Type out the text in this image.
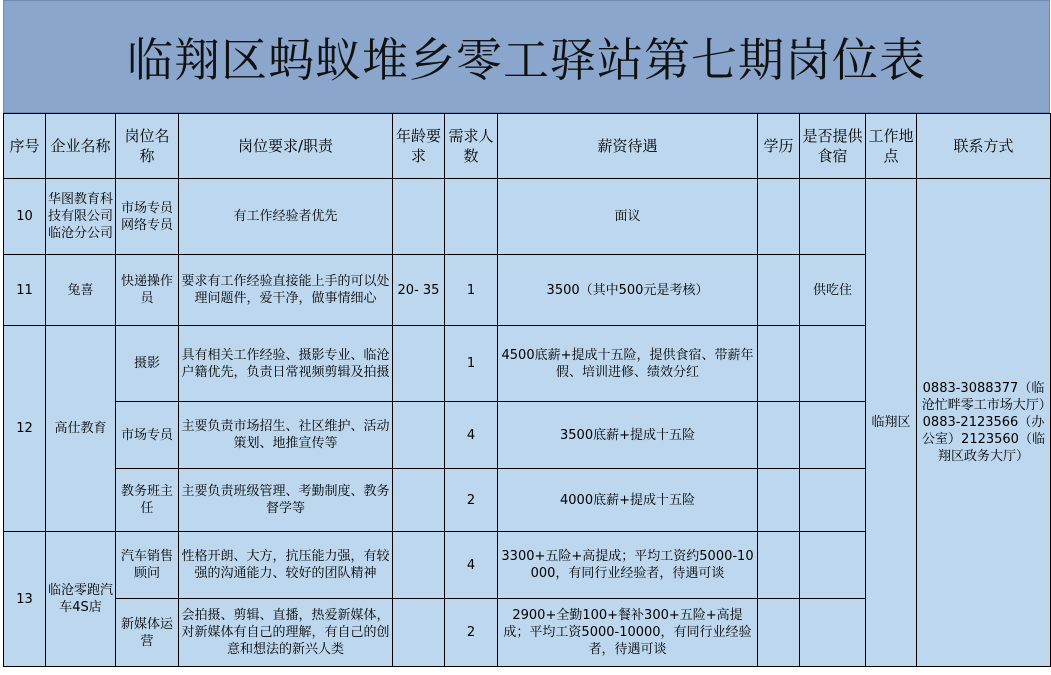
临翔区蚂蚁堆乡零工驿站第七期岗位表
序号	企业名称	岗位名称	岗位要求/职责	年龄要求	需求人数	薪资待遇	学历	是否提供食宿	工作地点	联系方式
10	华图教育科技有限公司临沧分公司	市场专员网络专员	有工作经验者优先			面议			临翔区	0883-3088377（临沧忙畔零工市场大厅）0883-2123566（办公室）2123560（临翔区政务大厅）
11	兔喜	快递操作员	要求有工作经验直接能上手的可以处理问题件，爱干净，做事情细心	20- 35	1	3500（其中500元是考核）		供吃住		
12	高仕教育	摄影	具有相关工作经验、摄影专业、临沧户籍优先，负责日常视频剪辑及拍摄		1	4500底薪+提成十五险，提供食宿、带薪年假、培训进修、绩效分红				
		市场专员	主要负责市场招生、社区维护、活动策划、地推宣传等		4	3500底薪+提成十五险				
		教务班主任	主要负责班级管理、考勤制度、教务督学等		2	4000底薪+提成十五险				
13	临沧零跑汽车4S店	汽车销售顾问	性格开朗、大方，抗压能力强，有较强的沟通能力、较好的团队精神		4	3300+五险+高提成；平均工资约5000-10000，有同行业经验者，待遇可谈				
		新媒体运营	会拍摄、剪辑、直播，热爱新媒体，对新媒体有自己的理解，有自己的创意和想法的新兴人类		2	2900+全勤100+餐补300+五险+高提成；平均工资5000-10000，有同行业经验者，待遇可谈				
